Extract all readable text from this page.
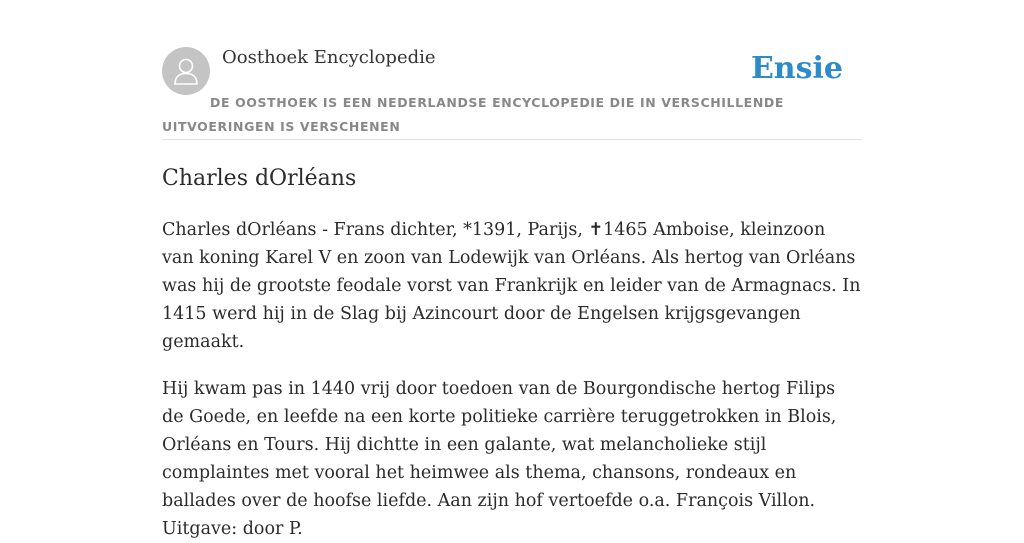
Oosthoek Encyclopedie	Ensie
DE OOSTHOEK IS EEN NEDERLANDSE ENCYCLOPEDIE DIE IN VERSCHILLENDE UITVOERINGEN IS VERSCHENEN
Charles dOrléans

Charles dOrléans - Frans dichter, *1391, Parijs, ✝1465 Amboise, kleinzoon van koning Karel V en zoon van Lodewijk van Orléans. Als hertog van Orléans was hij de grootste feodale vorst van Frankrijk en leider van de Armagnacs. In 1415 werd hij in de Slag bij Azincourt door de Engelsen krijgsgevangen gemaakt.

Hij kwam pas in 1440 vrij door toedoen van de Bourgondische hertog Filips de Goede, en leefde na een korte politieke carrière teruggetrokken in Blois, Orléans en Tours. Hij dichtte in een galante, wat melancholieke stijl complaintes met vooral het heimwee als thema, chansons, rondeaux en ballades over de hoofse liefde. Aan zijn hof vertoefde o.a. François Villon. Uitgave: door P.
